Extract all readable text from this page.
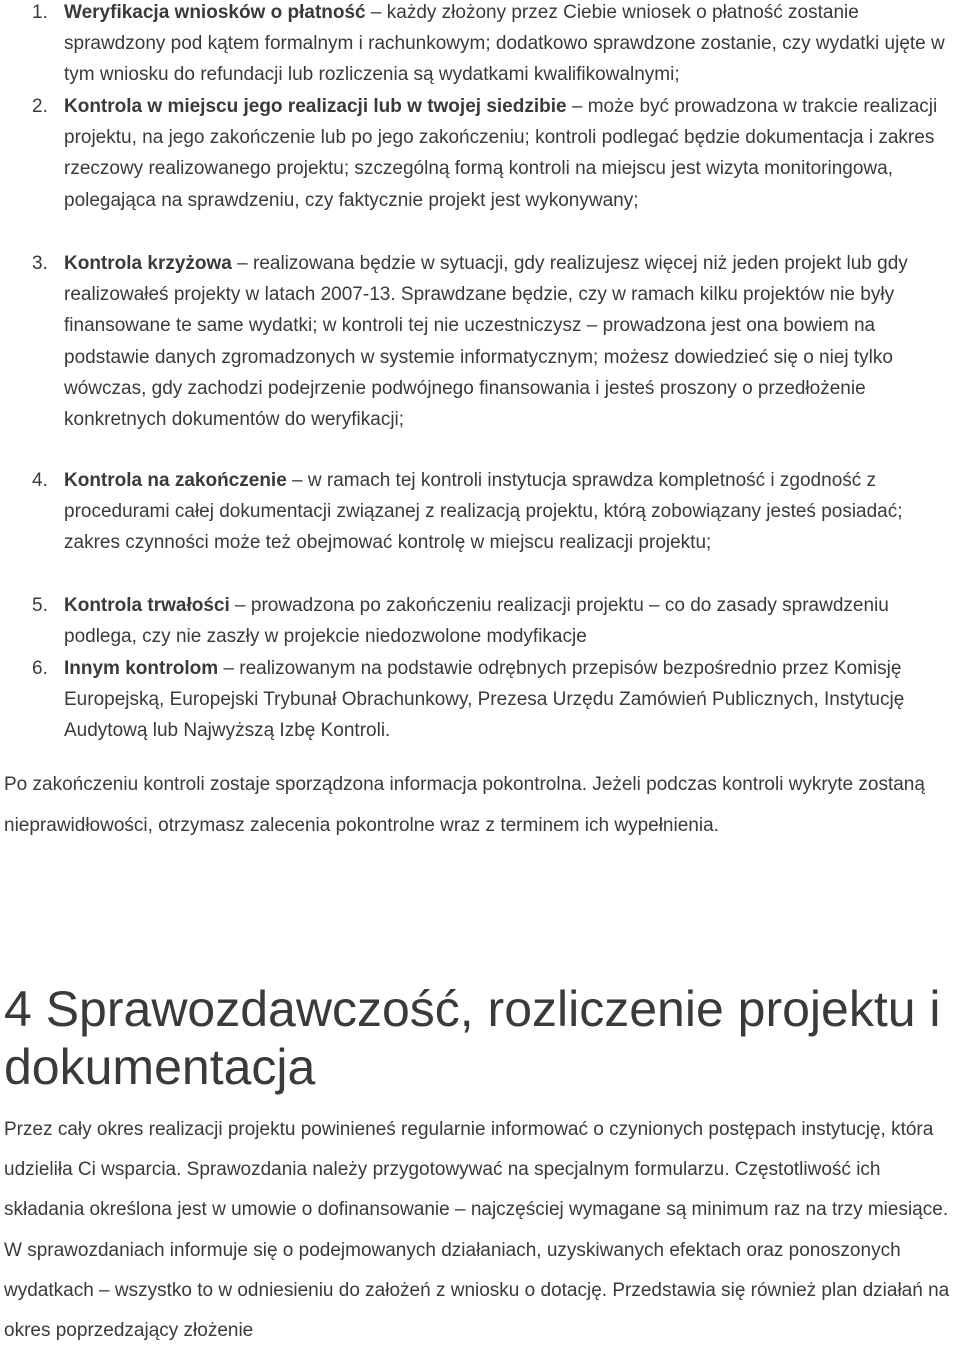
1. Weryfikacja wniosków o płatność – każdy złożony przez Ciebie wniosek o płatność zostanie sprawdzony pod kątem formalnym i rachunkowym; dodatkowo sprawdzone zostanie, czy wydatki ujęte w tym wniosku do refundacji lub rozliczenia są wydatkami kwalifikowalnymi;
2. Kontrola w miejscu jego realizacji lub w twojej siedzibie – może być prowadzona w trakcie realizacji projektu, na jego zakończenie lub po jego zakończeniu; kontroli podlegać będzie dokumentacja i zakres rzeczowy realizowanego projektu; szczególną formą kontroli na miejscu jest wizyta monitoringowa, polegająca na sprawdzeniu, czy faktycznie projekt jest wykonywany;
3. Kontrola krzyżowa – realizowana będzie w sytuacji, gdy realizujesz więcej niż jeden projekt lub gdy realizowałeś projekty w latach 2007-13. Sprawdzane będzie, czy w ramach kilku projektów nie były finansowane te same wydatki; w kontroli tej nie uczestniczysz – prowadzona jest ona bowiem na podstawie danych zgromadzonych w systemie informatycznym; możesz dowiedzieć się o niej tylko wówczas, gdy zachodzi podejrzenie podwójnego finansowania i jesteś proszony o przedłożenie konkretnych dokumentów do weryfikacji;
4. Kontrola na zakończenie – w ramach tej kontroli instytucja sprawdza kompletność i zgodność z procedurami całej dokumentacji związanej z realizacją projektu, którą zobowiązany jesteś posiadać; zakres czynności może też obejmować kontrolę w miejscu realizacji projektu;
5. Kontrola trwałości – prowadzona po zakończeniu realizacji projektu – co do zasady sprawdzeniu podlega, czy nie zaszły w projekcie niedozwolone modyfikacje
6. Innym kontrolom – realizowanym na podstawie odrębnych przepisów bezpośrednio przez Komisję Europejską, Europejski Trybunał Obrachunkowy, Prezesa Urzędu Zamówień Publicznych, Instytucję Audytową lub Najwyższą Izbę Kontroli.

Po zakończeniu kontroli zostaje sporządzona informacja pokontrolna. Jeżeli podczas kontroli wykryte zostaną nieprawidłowości, otrzymasz zalecenia pokontrolne wraz z terminem ich wypełnienia.

4 Sprawozdawczość, rozliczenie projektu i dokumentacja

Przez cały okres realizacji projektu powinieneś regularnie informować o czynionych postępach instytucję, która udzieliła Ci wsparcia. Sprawozdania należy przygotowywać na specjalnym formularzu. Częstotliwość ich składania określona jest w umowie o dofinansowanie – najczęściej wymagane są minimum raz na trzy miesiące. W sprawozdaniach informuje się o podejmowanych działaniach, uzyskiwanych efektach oraz ponoszonych wydatkach – wszystko to w odniesieniu do założeń z wniosku o dotację. Przedstawia się również plan działań na okres poprzedzający złożenie
